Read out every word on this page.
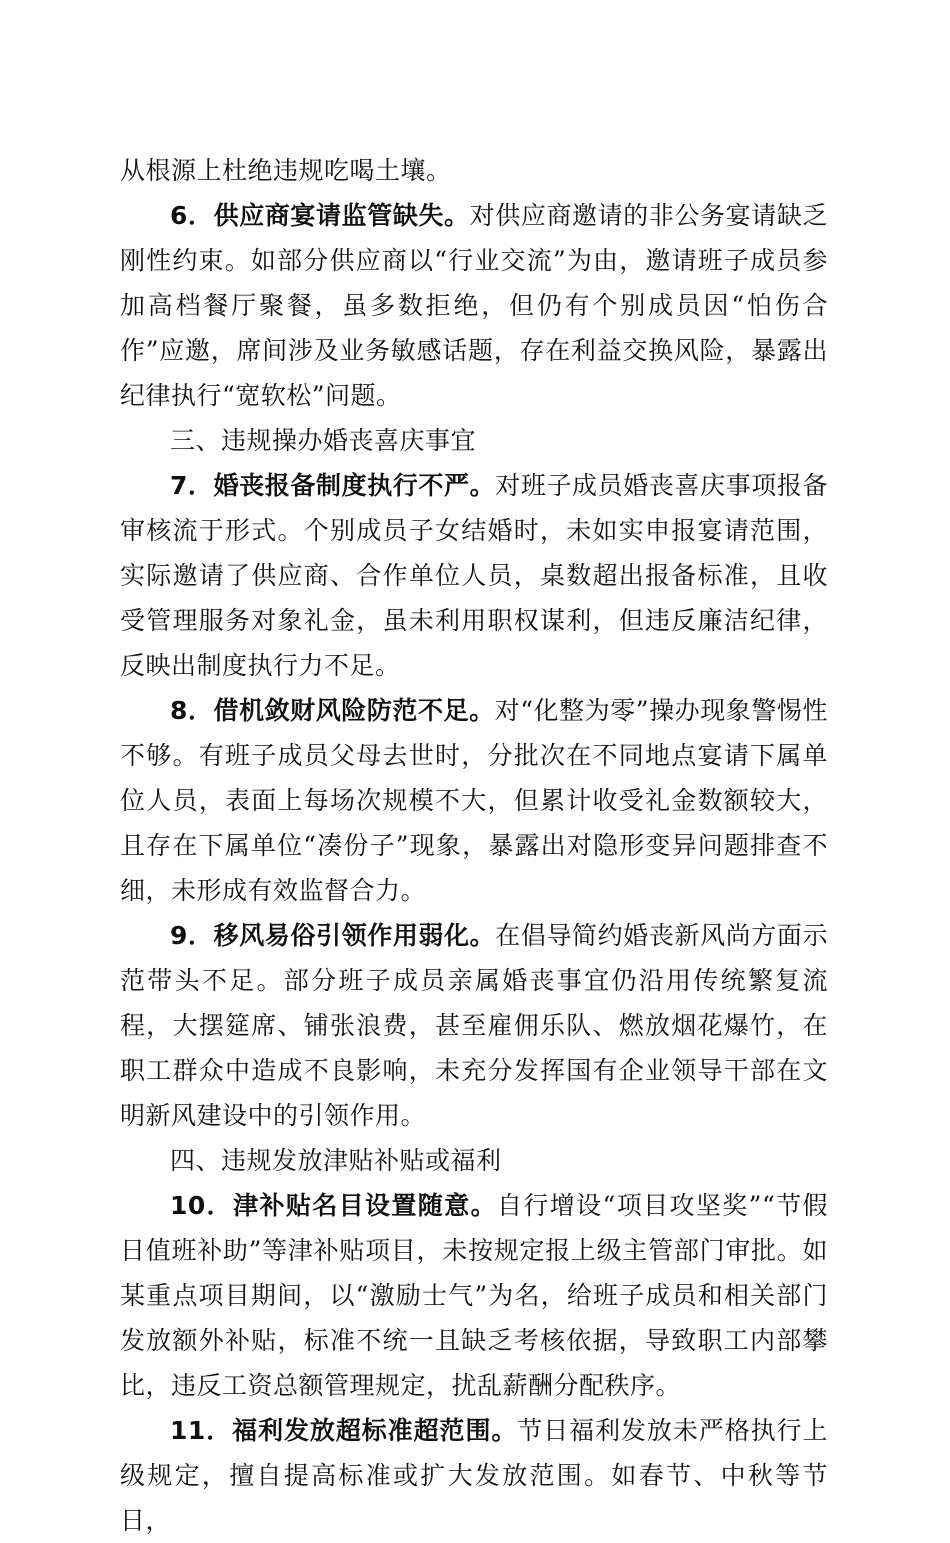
从根源上杜绝违规吃喝土壤。

6．供应商宴请监管缺失。对供应商邀请的非公务宴请缺乏刚性约束。如部分供应商以“行业交流”为由，邀请班子成员参加高档餐厅聚餐，虽多数拒绝，但仍有个别成员因“怕伤合作”应邀，席间涉及业务敏感话题，存在利益交换风险，暴露出纪律执行“宽软松”问题。

三、违规操办婚丧喜庆事宜

7．婚丧报备制度执行不严。对班子成员婚丧喜庆事项报备审核流于形式。个别成员子女结婚时，未如实申报宴请范围，实际邀请了供应商、合作单位人员，桌数超出报备标准，且收受管理服务对象礼金，虽未利用职权谋利，但违反廉洁纪律，反映出制度执行力不足。

8．借机敛财风险防范不足。对“化整为零”操办现象警惕性不够。有班子成员父母去世时，分批次在不同地点宴请下属单位人员，表面上每场次规模不大，但累计收受礼金数额较大，且存在下属单位“凑份子”现象，暴露出对隐形变异问题排查不细，未形成有效监督合力。

9．移风易俗引领作用弱化。在倡导简约婚丧新风尚方面示范带头不足。部分班子成员亲属婚丧事宜仍沿用传统繁复流程，大摆筵席、铺张浪费，甚至雇佣乐队、燃放烟花爆竹，在职工群众中造成不良影响，未充分发挥国有企业领导干部在文明新风建设中的引领作用。

四、违规发放津贴补贴或福利

10．津补贴名目设置随意。自行增设“项目攻坚奖”“节假日值班补助”等津补贴项目，未按规定报上级主管部门审批。如某重点项目期间，以“激励士气”为名，给班子成员和相关部门发放额外补贴，标准不统一且缺乏考核依据，导致职工内部攀比，违反工资总额管理规定，扰乱薪酬分配秩序。

11．福利发放超标准超范围。节日福利发放未严格执行上级规定，擅自提高标准或扩大发放范围。如春节、中秋等节日，
